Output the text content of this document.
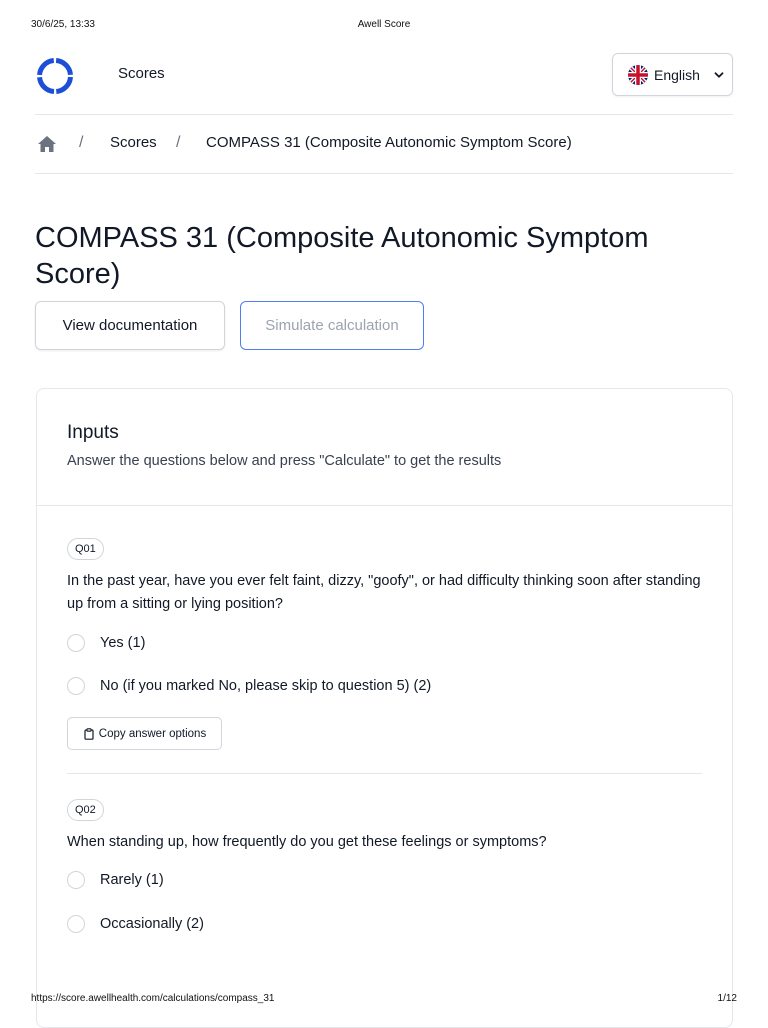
30/6/25, 13:33	Awell Score
Scores	English
/ Scores / COMPASS 31 (Composite Autonomic Symptom Score)
COMPASS 31 (Composite Autonomic Symptom Score)
View documentation	Simulate calculation
Inputs
Answer the questions below and press "Calculate" to get the results
Q01
In the past year, have you ever felt faint, dizzy, "goofy", or had difficulty thinking soon after standing up from a sitting or lying position?
Yes (1)
No (if you marked No, please skip to question 5) (2)
Copy answer options
Q02
When standing up, how frequently do you get these feelings or symptoms?
Rarely (1)
Occasionally (2)
https://score.awellhealth.com/calculations/compass_31	1/12
